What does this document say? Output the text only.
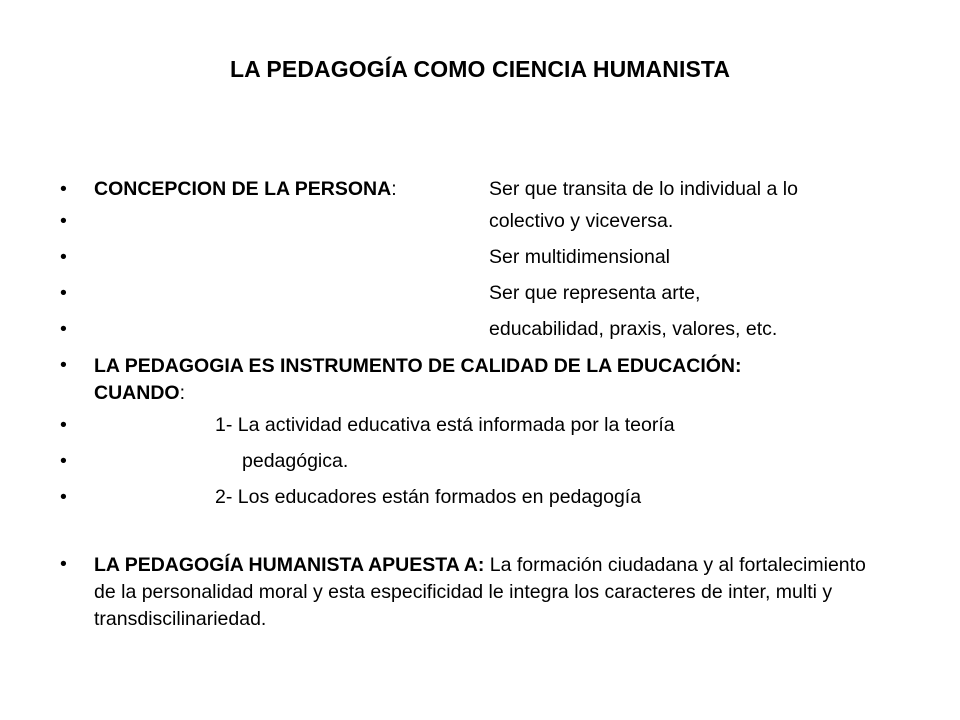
LA PEDAGOGÍA COMO CIENCIA HUMANISTA
•	CONCEPCION DE LA PERSONA:	Ser que transita de lo individual a lo
•	colectivo y viceversa.
•	Ser multidimensional
•	Ser que representa arte,
•	educabilidad, praxis, valores, etc.
•	LA PEDAGOGIA ES INSTRUMENTO DE CALIDAD DE LA EDUCACIÓN:
CUANDO:
•	1- La actividad educativa está informada por la teoría
•	pedagógica.
•	2- Los educadores están formados en pedagogía
•	LA PEDAGOGÍA HUMANISTA APUESTA A: La formación ciudadana y al fortalecimiento de la personalidad moral y esta especificidad le integra los caracteres de inter, multi y transdiscilinariedad.
